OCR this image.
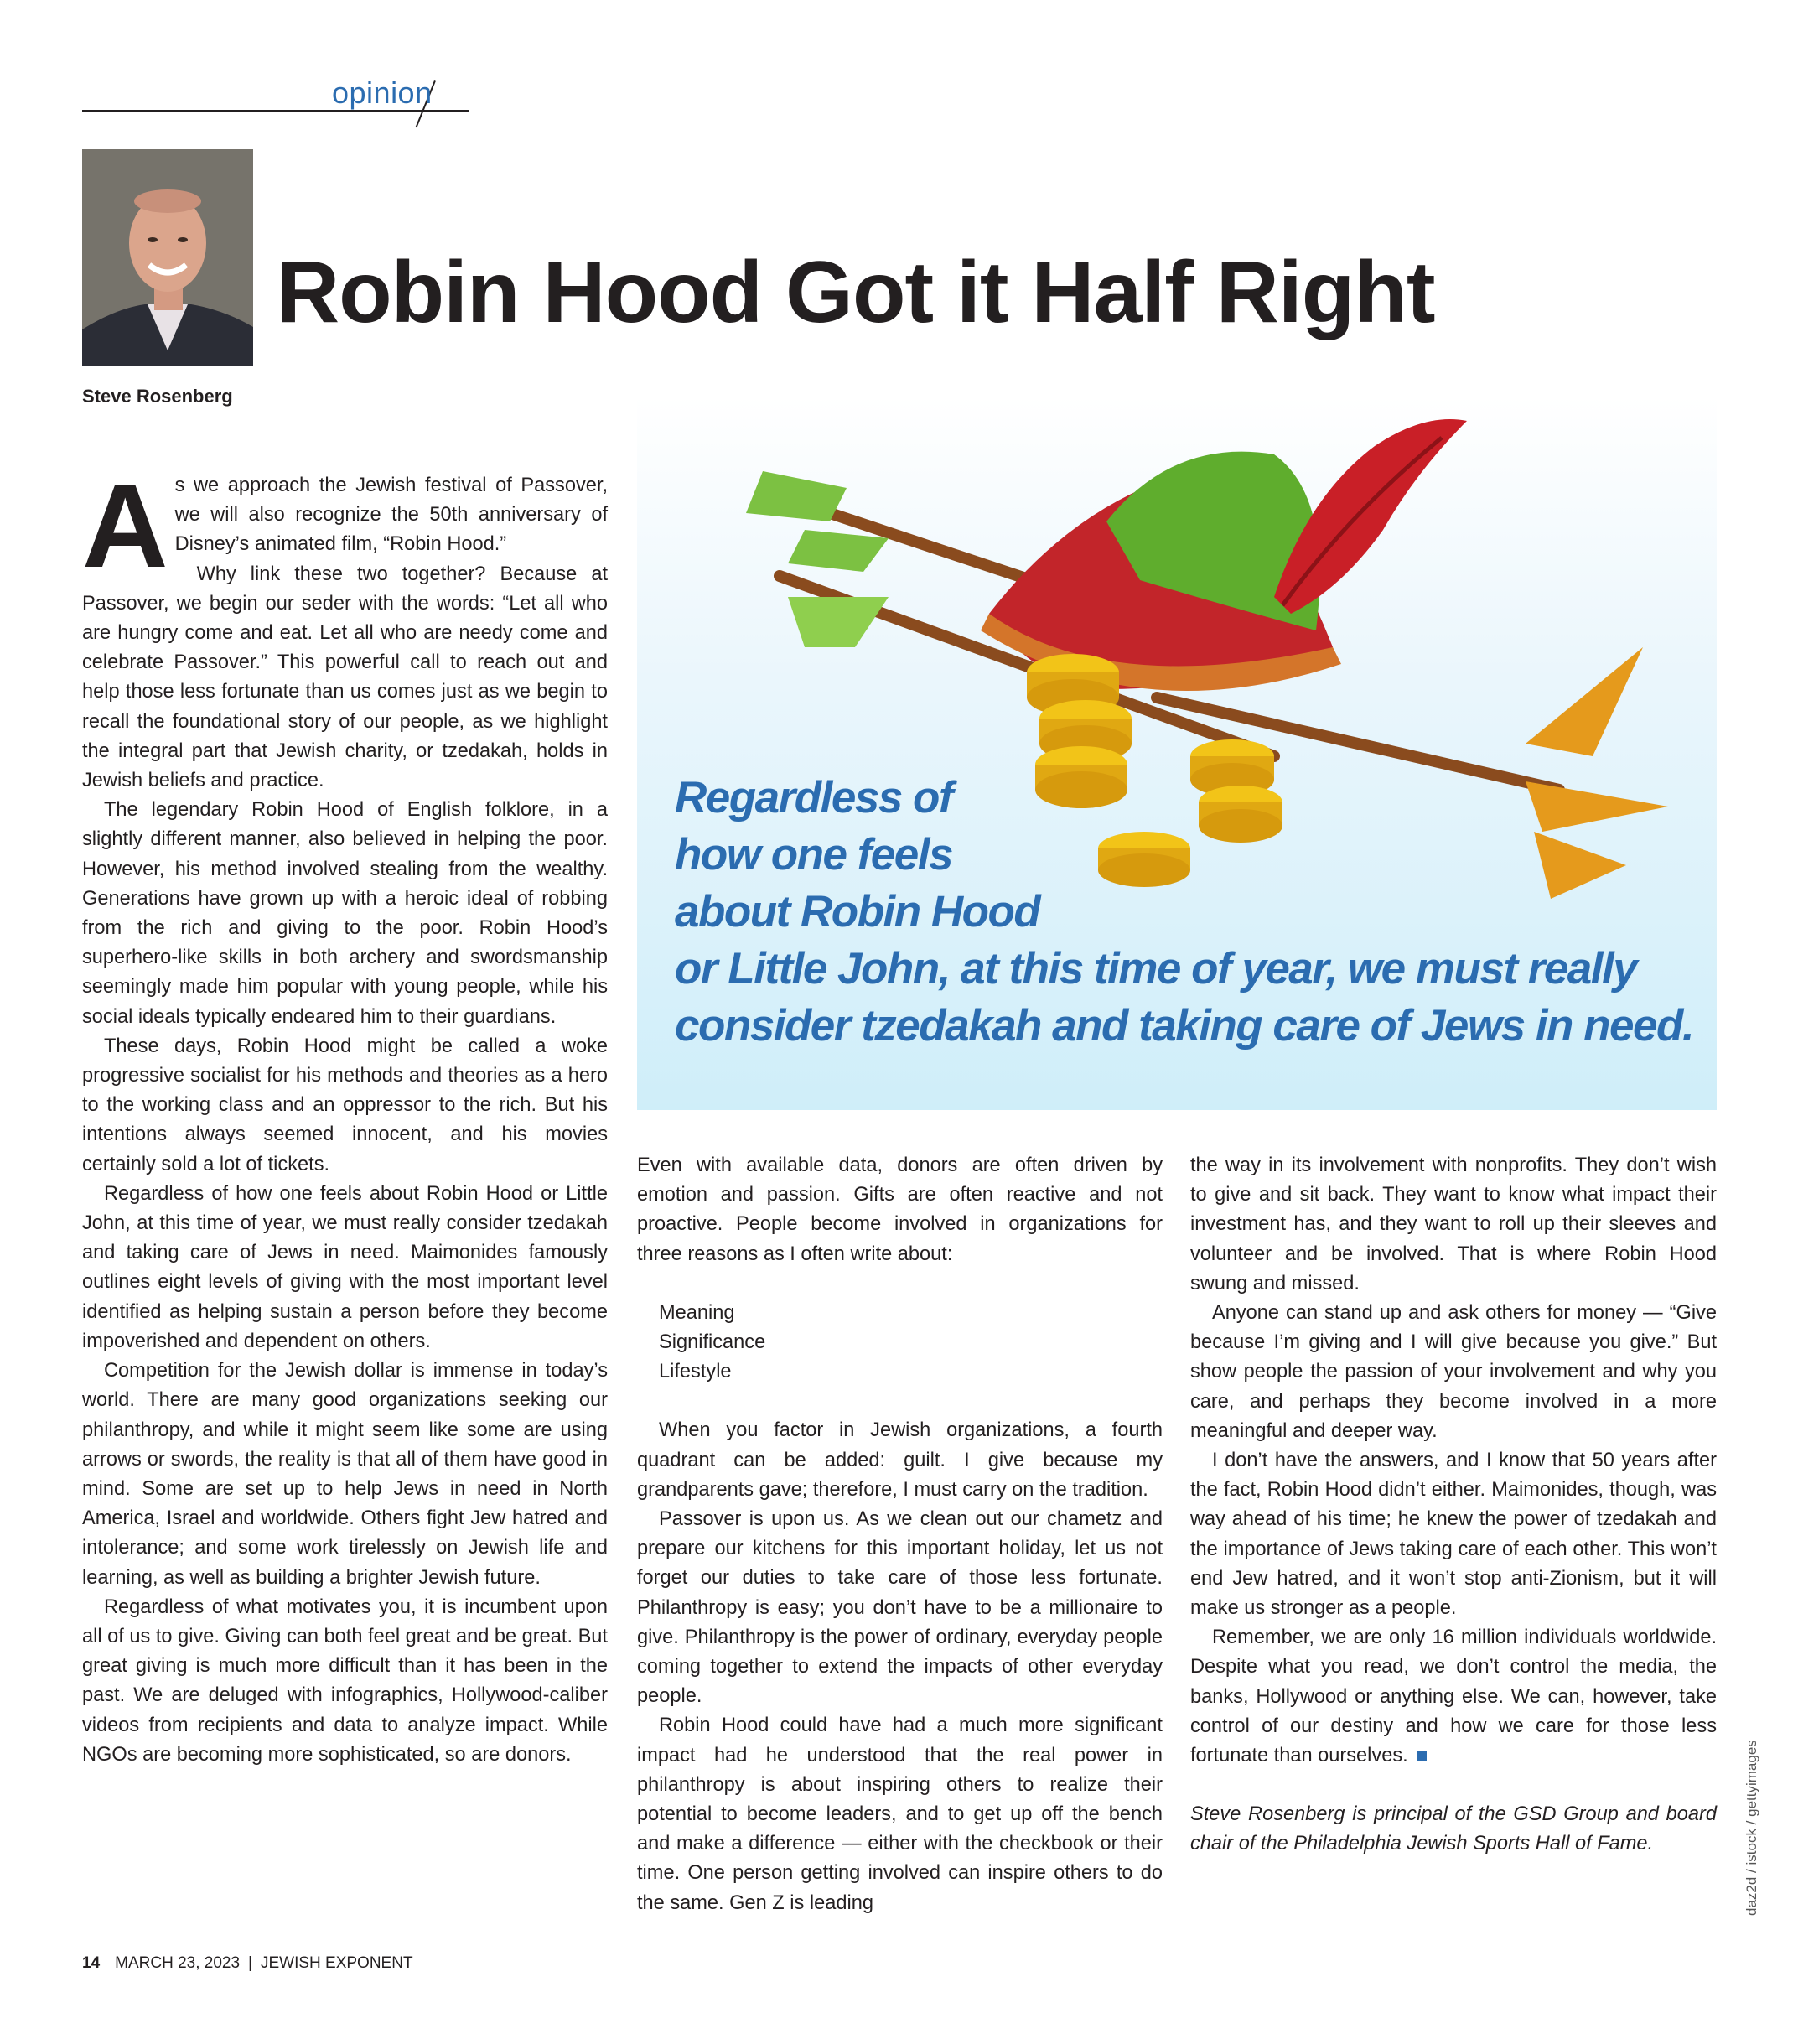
opinion
Robin Hood Got it Half Right
Steve Rosenberg
Regardless of
how one feels
about Robin Hood
or Little John, at this time of year, we must really
consider tzedakah and taking care of Jews in need.

As we approach the Jewish festival of Passover, we will also recognize the 50th anniversary of Disney’s animated film, “Robin Hood.”

Why link these two together? Because at Passover, we begin our seder with the words: “Let all who are hungry come and eat. Let all who are needy come and celebrate Passover.” This powerful call to reach out and help those less fortunate than us comes just as we begin to recall the foundational story of our people, as we highlight the integral part that Jewish charity, or tzedakah, holds in Jewish beliefs and practice.

The legendary Robin Hood of English folklore, in a slightly different manner, also believed in helping the poor. However, his method involved stealing from the wealthy. Generations have grown up with a heroic ideal of robbing from the rich and giving to the poor. Robin Hood’s superhero-like skills in both archery and swordsmanship seemingly made him popular with young people, while his social ideals typically endeared him to their guardians.

These days, Robin Hood might be called a woke progressive socialist for his methods and theories as a hero to the working class and an oppressor to the rich. But his intentions always seemed innocent, and his movies certainly sold a lot of tickets.

Regardless of how one feels about Robin Hood or Little John, at this time of year, we must really consider tzedakah and taking care of Jews in need. Maimonides famously outlines eight levels of giving with the most important level identified as helping sustain a person before they become impoverished and dependent on others.

Competition for the Jewish dollar is immense in today’s world. There are many good organizations seeking our philanthropy, and while it might seem like some are using arrows or swords, the reality is that all of them have good in mind. Some are set up to help Jews in need in North America, Israel and worldwide. Others fight Jew hatred and intolerance; and some work tirelessly on Jewish life and learning, as well as building a brighter Jewish future.

Regardless of what motivates you, it is incumbent upon all of us to give. Giving can both feel great and be great. But great giving is much more difficult than it has been in the past. We are deluged with infographics, Hollywood-caliber videos from recipients and data to analyze impact. While NGOs are becoming more sophisticated, so are donors.

Even with available data, donors are often driven by emotion and passion. Gifts are often reactive and not proactive. People become involved in organizations for three reasons as I often write about:

Meaning
Significance
Lifestyle

When you factor in Jewish organizations, a fourth quadrant can be added: guilt. I give because my grandparents gave; therefore, I must carry on the tradition.

Passover is upon us. As we clean out our chametz and prepare our kitchens for this important holiday, let us not forget our duties to take care of those less fortunate. Philanthropy is easy; you don’t have to be a millionaire to give. Philanthropy is the power of ordinary, everyday people coming together to extend the impacts of other everyday people.

Robin Hood could have had a much more significant impact had he understood that the real power in philanthropy is about inspiring others to realize their potential to become leaders, and to get up off the bench and make a difference — either with the checkbook or their time. One person getting involved can inspire others to do the same. Gen Z is leading

the way in its involvement with nonprofits. They don’t wish to give and sit back. They want to know what impact their investment has, and they want to roll up their sleeves and volunteer and be involved. That is where Robin Hood swung and missed.

Anyone can stand up and ask others for money — “Give because I’m giving and I will give because you give.” But show people the passion of your involvement and why you care, and perhaps they become involved in a more meaningful and deeper way.

I don’t have the answers, and I know that 50 years after the fact, Robin Hood didn’t either. Maimonides, though, was way ahead of his time; he knew the power of tzedakah and the importance of Jews taking care of each other. This won’t end Jew hatred, and it won’t stop anti-Zionism, but it will make us stronger as a people.

Remember, we are only 16 million individuals worldwide. Despite what you read, we don’t control the media, the banks, Hollywood or anything else. We can, however, take control of our destiny and how we care for those less fortunate than ourselves.

Steve Rosenberg is principal of the GSD Group and board chair of the Philadelphia Jewish Sports Hall of Fame.	daz2d / istock / gettyimages
14 MARCH 23, 2023 | JEWISH EXPONENT
